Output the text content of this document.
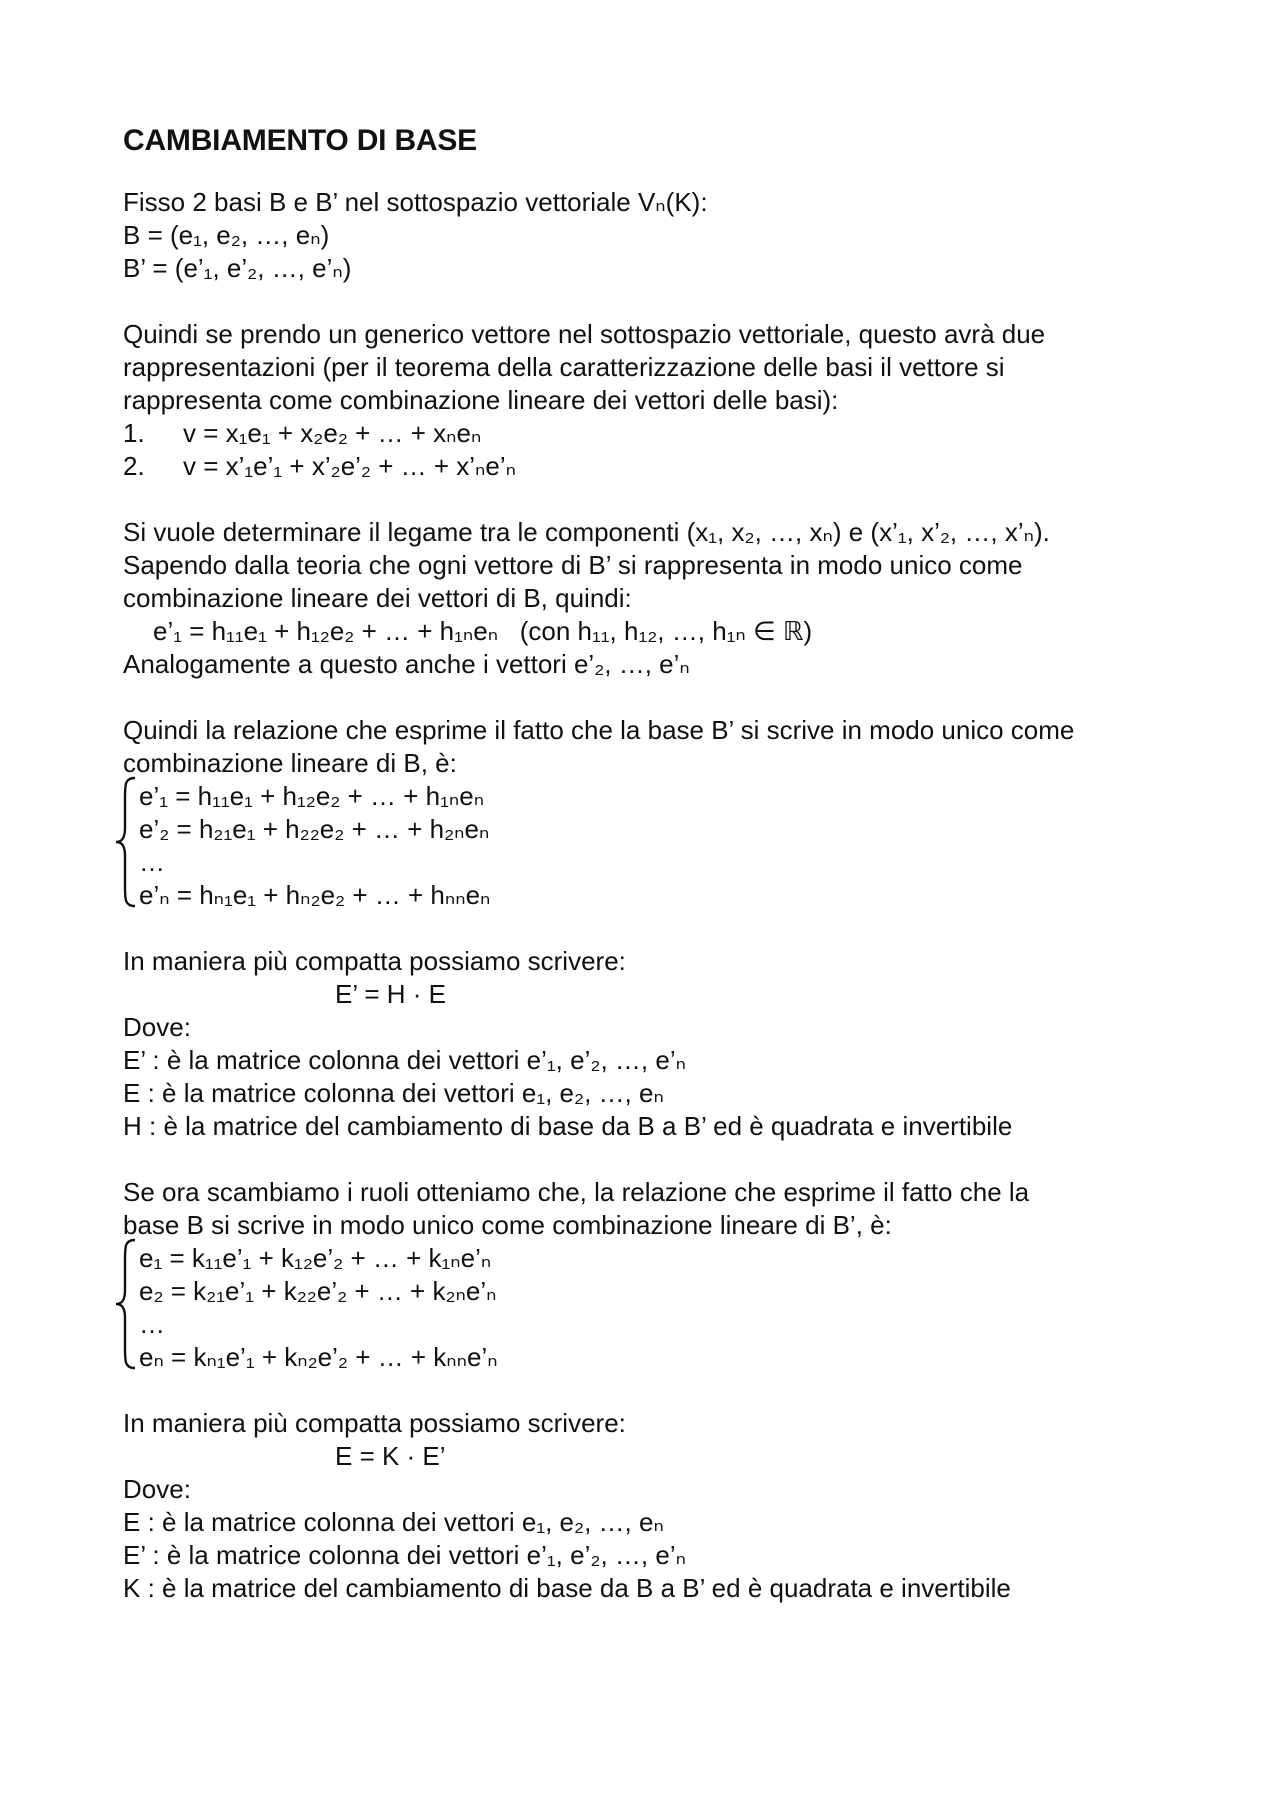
CAMBIAMENTO DI BASE
Fisso 2 basi B e B’ nel sottospazio vettoriale Vₙ(K):
B = (e₁, e₂, …, eₙ)
B’ = (e’₁, e’₂, …, e’ₙ)
Quindi se prendo un generico vettore nel sottospazio vettoriale, questo avrà due
rappresentazioni (per il teorema della caratterizzazione delle basi il vettore si
rappresenta come combinazione lineare dei vettori delle basi):
1. v = x₁e₁ + x₂e₂ + … + xₙeₙ
2. v = x’₁e’₁ + x’₂e’₂ + … + x’ₙe’ₙ
Si vuole determinare il legame tra le componenti (x₁, x₂, …, xₙ) e (x’₁, x’₂, …, x’ₙ).
Sapendo dalla teoria che ogni vettore di B’ si rappresenta in modo unico come
combinazione lineare dei vettori di B, quindi:
e’₁ = h₁₁e₁ + h₁₂e₂ + … + h₁ₙeₙ   (con h₁₁, h₁₂, …, h₁ₙ ∈ ℝ)
Analogamente a questo anche i vettori e’₂, …, e’ₙ
Quindi la relazione che esprime il fatto che la base B’ si scrive in modo unico come
combinazione lineare di B, è:
e’₁ = h₁₁e₁ + h₁₂e₂ + … + h₁ₙeₙ
e’₂ = h₂₁e₁ + h₂₂e₂ + … + h₂ₙeₙ
…
e’ₙ = hₙ₁e₁ + hₙ₂e₂ + … + hₙₙeₙ
In maniera più compatta possiamo scrivere:
E’ = H · E
Dove:
E’ : è la matrice colonna dei vettori e’₁, e’₂, …, e’ₙ
E : è la matrice colonna dei vettori e₁, e₂, …, eₙ
H : è la matrice del cambiamento di base da B a B’ ed è quadrata e invertibile
Se ora scambiamo i ruoli otteniamo che, la relazione che esprime il fatto che la
base B si scrive in modo unico come combinazione lineare di B’, è:
e₁ = k₁₁e’₁ + k₁₂e’₂ + … + k₁ₙe’ₙ
e₂ = k₂₁e’₁ + k₂₂e’₂ + … + k₂ₙe’ₙ
…
eₙ = kₙ₁e’₁ + kₙ₂e’₂ + … + kₙₙe’ₙ
In maniera più compatta possiamo scrivere:
E = K · E’
Dove:
E : è la matrice colonna dei vettori e₁, e₂, …, eₙ
E’ : è la matrice colonna dei vettori e’₁, e’₂, …, e’ₙ
K : è la matrice del cambiamento di base da B a B’ ed è quadrata e invertibile
